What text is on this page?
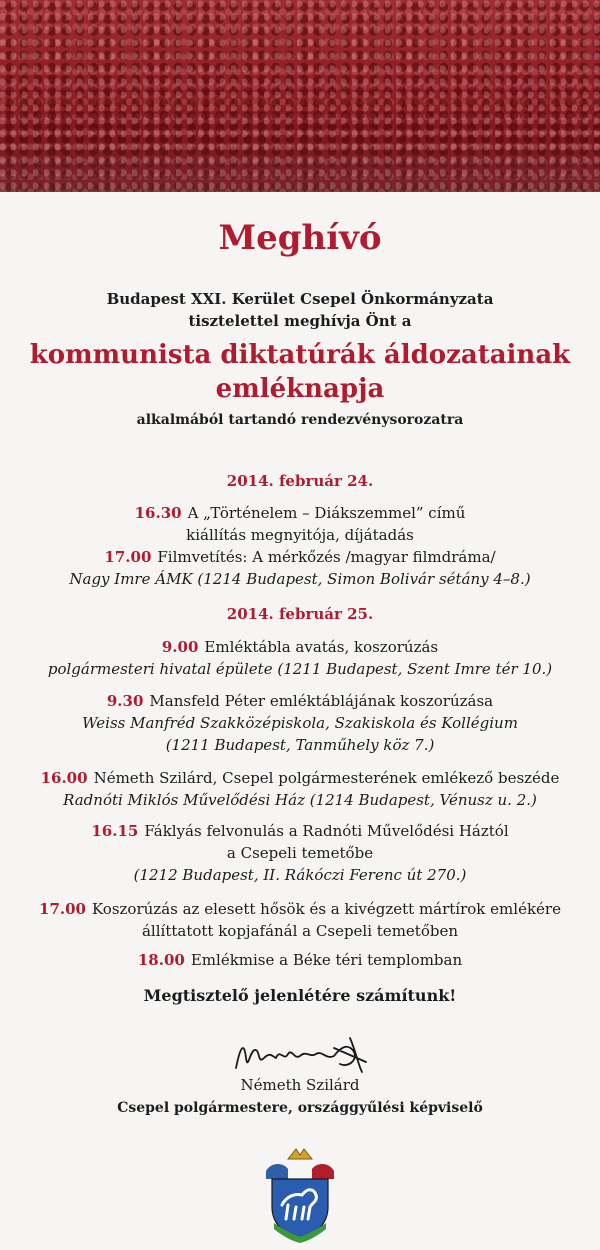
Meghívó

Budapest XXI. Kerület Csepel Önkormányzata

tisztelettel meghívja Önt a

kommunista diktatúrák áldozatainak

emléknapja

alkalmából tartandó rendezvénysorozatra

2014. február 24.

16.30 A „Történelem – Diákszemmel” című
kiállítás megnyitója, díjátadás
17.00 Filmvetítés: A mérkőzés /magyar filmdráma/
Nagy Imre ÁMK (1214 Budapest, Simon Bolivár sétány 4–8.)

2014. február 25.

9.00 Emléktábla avatás, koszorúzás
polgármesteri hivatal épülete (1211 Budapest, Szent Imre tér 10.)
9.30 Mansfeld Péter emléktáblájának koszorúzása
Weiss Manfréd Szakközépiskola, Szakiskola és Kollégium
(1211 Budapest, Tanműhely köz 7.)
16.00 Németh Szilárd, Csepel polgármesterének emlékező beszéde
Radnóti Miklós Művelődési Ház (1214 Budapest, Vénusz u. 2.)
16.15 Fáklyás felvonulás a Radnóti Művelődési Háztól
a Csepeli temetőbe
(1212 Budapest, II. Rákóczi Ferenc út 270.)
17.00 Koszorúzás az elesett hősök és a kivégzett mártírok emlékére
állíttatott kopjafánál a Csepeli temetőben
18.00 Emlékmise a Béke téri templomban

Megtisztelő jelenlétére számítunk!

Németh Szilárd

Csepel polgármestere, országgyűlési képviselő
